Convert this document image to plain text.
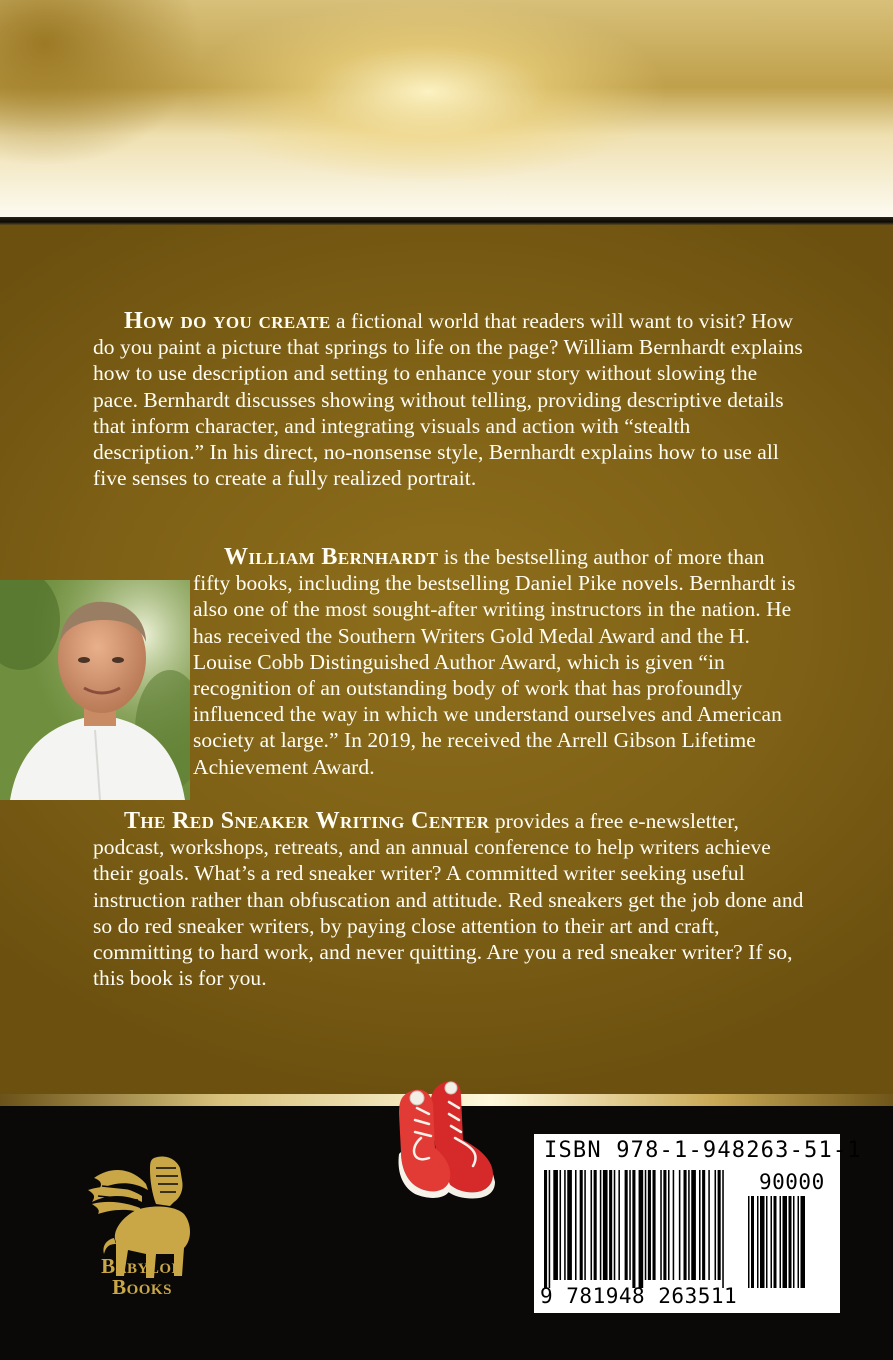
How do you create a fictional world that readers will want to visit? How do you paint a picture that springs to life on the page? William Bernhardt explains how to use description and setting to enhance your story without slowing the pace. Bernhardt discusses showing without telling, providing descriptive details that inform character, and integrating visuals and action with “stealth description.” In his direct, no-nonsense style, Bernhardt explains how to use all five senses to create a fully realized portrait.

William Bernhardt is the bestselling author of more than fifty books, including the bestselling Daniel Pike novels. Bernhardt is also one of the most sought-after writing instructors in the nation. He has received the Southern Writers Gold Medal Award and the H. Louise Cobb Distinguished Author Award, which is given “in recognition of an outstanding body of work that has profoundly influenced the way in which we understand ourselves and American society at large.” In 2019, he received the Arrell Gibson Lifetime Achievement Award.

The Red Sneaker Writing Center provides a free e-newsletter, podcast, workshops, retreats, and an annual conference to help writers achieve their goals. What’s a red sneaker writer? A committed writer seeking useful instruction rather than obfuscation and attitude. Red sneakers get the job done and so do red sneaker writers, by paying close attention to their art and craft, committing to hard work, and never quitting. Are you a red sneaker writer? If so, this book is for you.

Babylon
Books
ISBN 978-1-948263-51-1
90000
9 781948 263511
